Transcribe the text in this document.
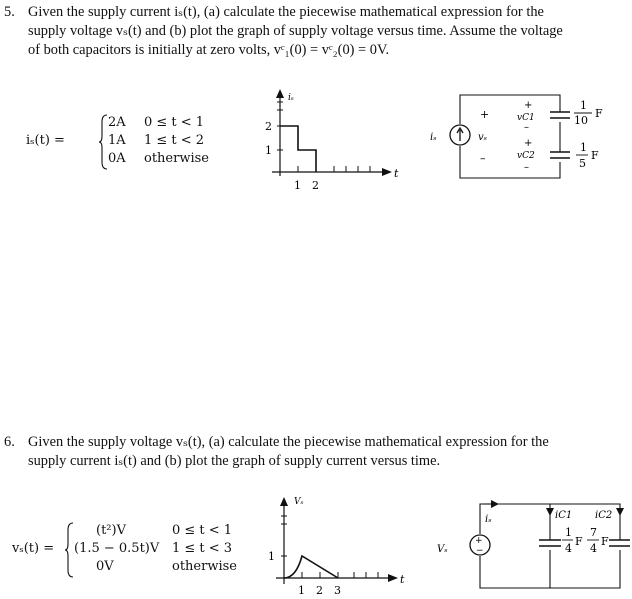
5. Given the supply current iₛ(t), (a) calculate the piecewise mathematical expression for the
supply voltage vₛ(t) and (b) plot the graph of supply voltage versus time. Assume the voltage
of both capacitors is initially at zero volts, vᶜ₁(0) = vᶜ₂(0) = 0V.
iₛ(t) =
2A 0 ≤ t < 1
1A 1 ≤ t < 2
0A otherwise
iₛ
t
2
1
1 2
iₛ	vₛ
+
–
+
vC1
–
+
vC2
–
1
10
F
1
5
F
6. Given the supply voltage vₛ(t), (a) calculate the piecewise mathematical expression for the
supply current iₛ(t) and (b) plot the graph of supply current versus time.
vₛ(t) =
(t²)V	0 ≤ t < 1
(1.5 − 0.5t)V 1 ≤ t < 3
0V	otherwise
Vₛ
t
1
1 2 3
+
−
Vₛ
iₛ	iC1 iC2
1
4
F
7
4
F
